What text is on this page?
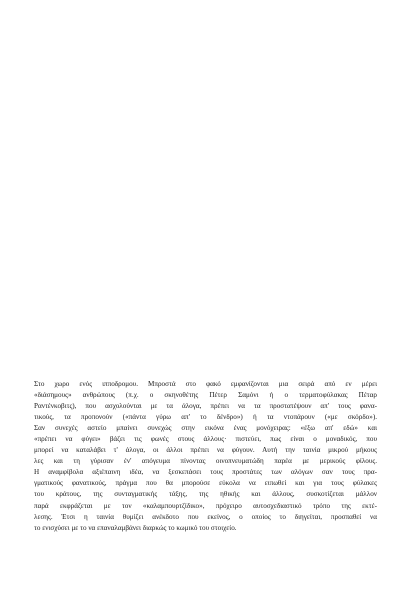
Στο χωρο ενός ιπποδρομου. Μπροστά στο φακό εμφανίζονται μια σειρά από εν μέρει
«διάσημους» ανθρώπους (π.χ. ο σκηνοθέτης Πέτερ Σαμόνι ή ο τερματοφύλακας Πέταρ
Ραντένκοβιτς), που ασχολούνται με τα άλογα, πρέπει να τα προστατέψουν απ' τους φανα-
τικούς, τα προπονούν («πάντα γύρω απ' το δένδρο») ή τα ντοπάρουν («με σκόρδο»).
Σαν συνεχές αστείο μπαίνει συνεχώς στην εικόνα ένας μονόχειρας: «έξω απ' εδώ» και
«πρέπει να φύγει» βάζει τις φωνές στους άλλους· πιστεύει, πως είναι ο μοναδικός, που
μπορεί να καταλάβει τ' άλογα, οι άλλοι πρέπει να φύγουν. Αυτή την ταινία μικρού μήκους
λες και τη γύρισαν έν' απόγευμα πίνοντας οινοπνευματώδη παρέα με μερικούς φίλους.
Η αναμφίβολα αξιέπαινη ιδέα, να ξεσκεπάσει τους προστάτες των αλόγων σαν τους πρα-
γματικούς φανατικούς, πράγμα που θα μπορούσε εύκολα να ειπωθεί και για τους φύλακες
του κράτους, της συνταγματικής τάξης, της ηθικής και άλλους, συσκοτίζεται μάλλον
παρά εκφράζεται με τον «καλαμπουρτζίδικο», πρόχειρο αυτοσχεδιαστικό τρόπο της εκτέ-
λεσης. Έτσι η ταινία θυμίζει ανέκδοτο που εκείνος, ο οποίος το διηγείται, προσπαθεί να
το ενισχύσει με το να επαναλαμβάνει διαρκώς το κωμικό του στοιχείο.
